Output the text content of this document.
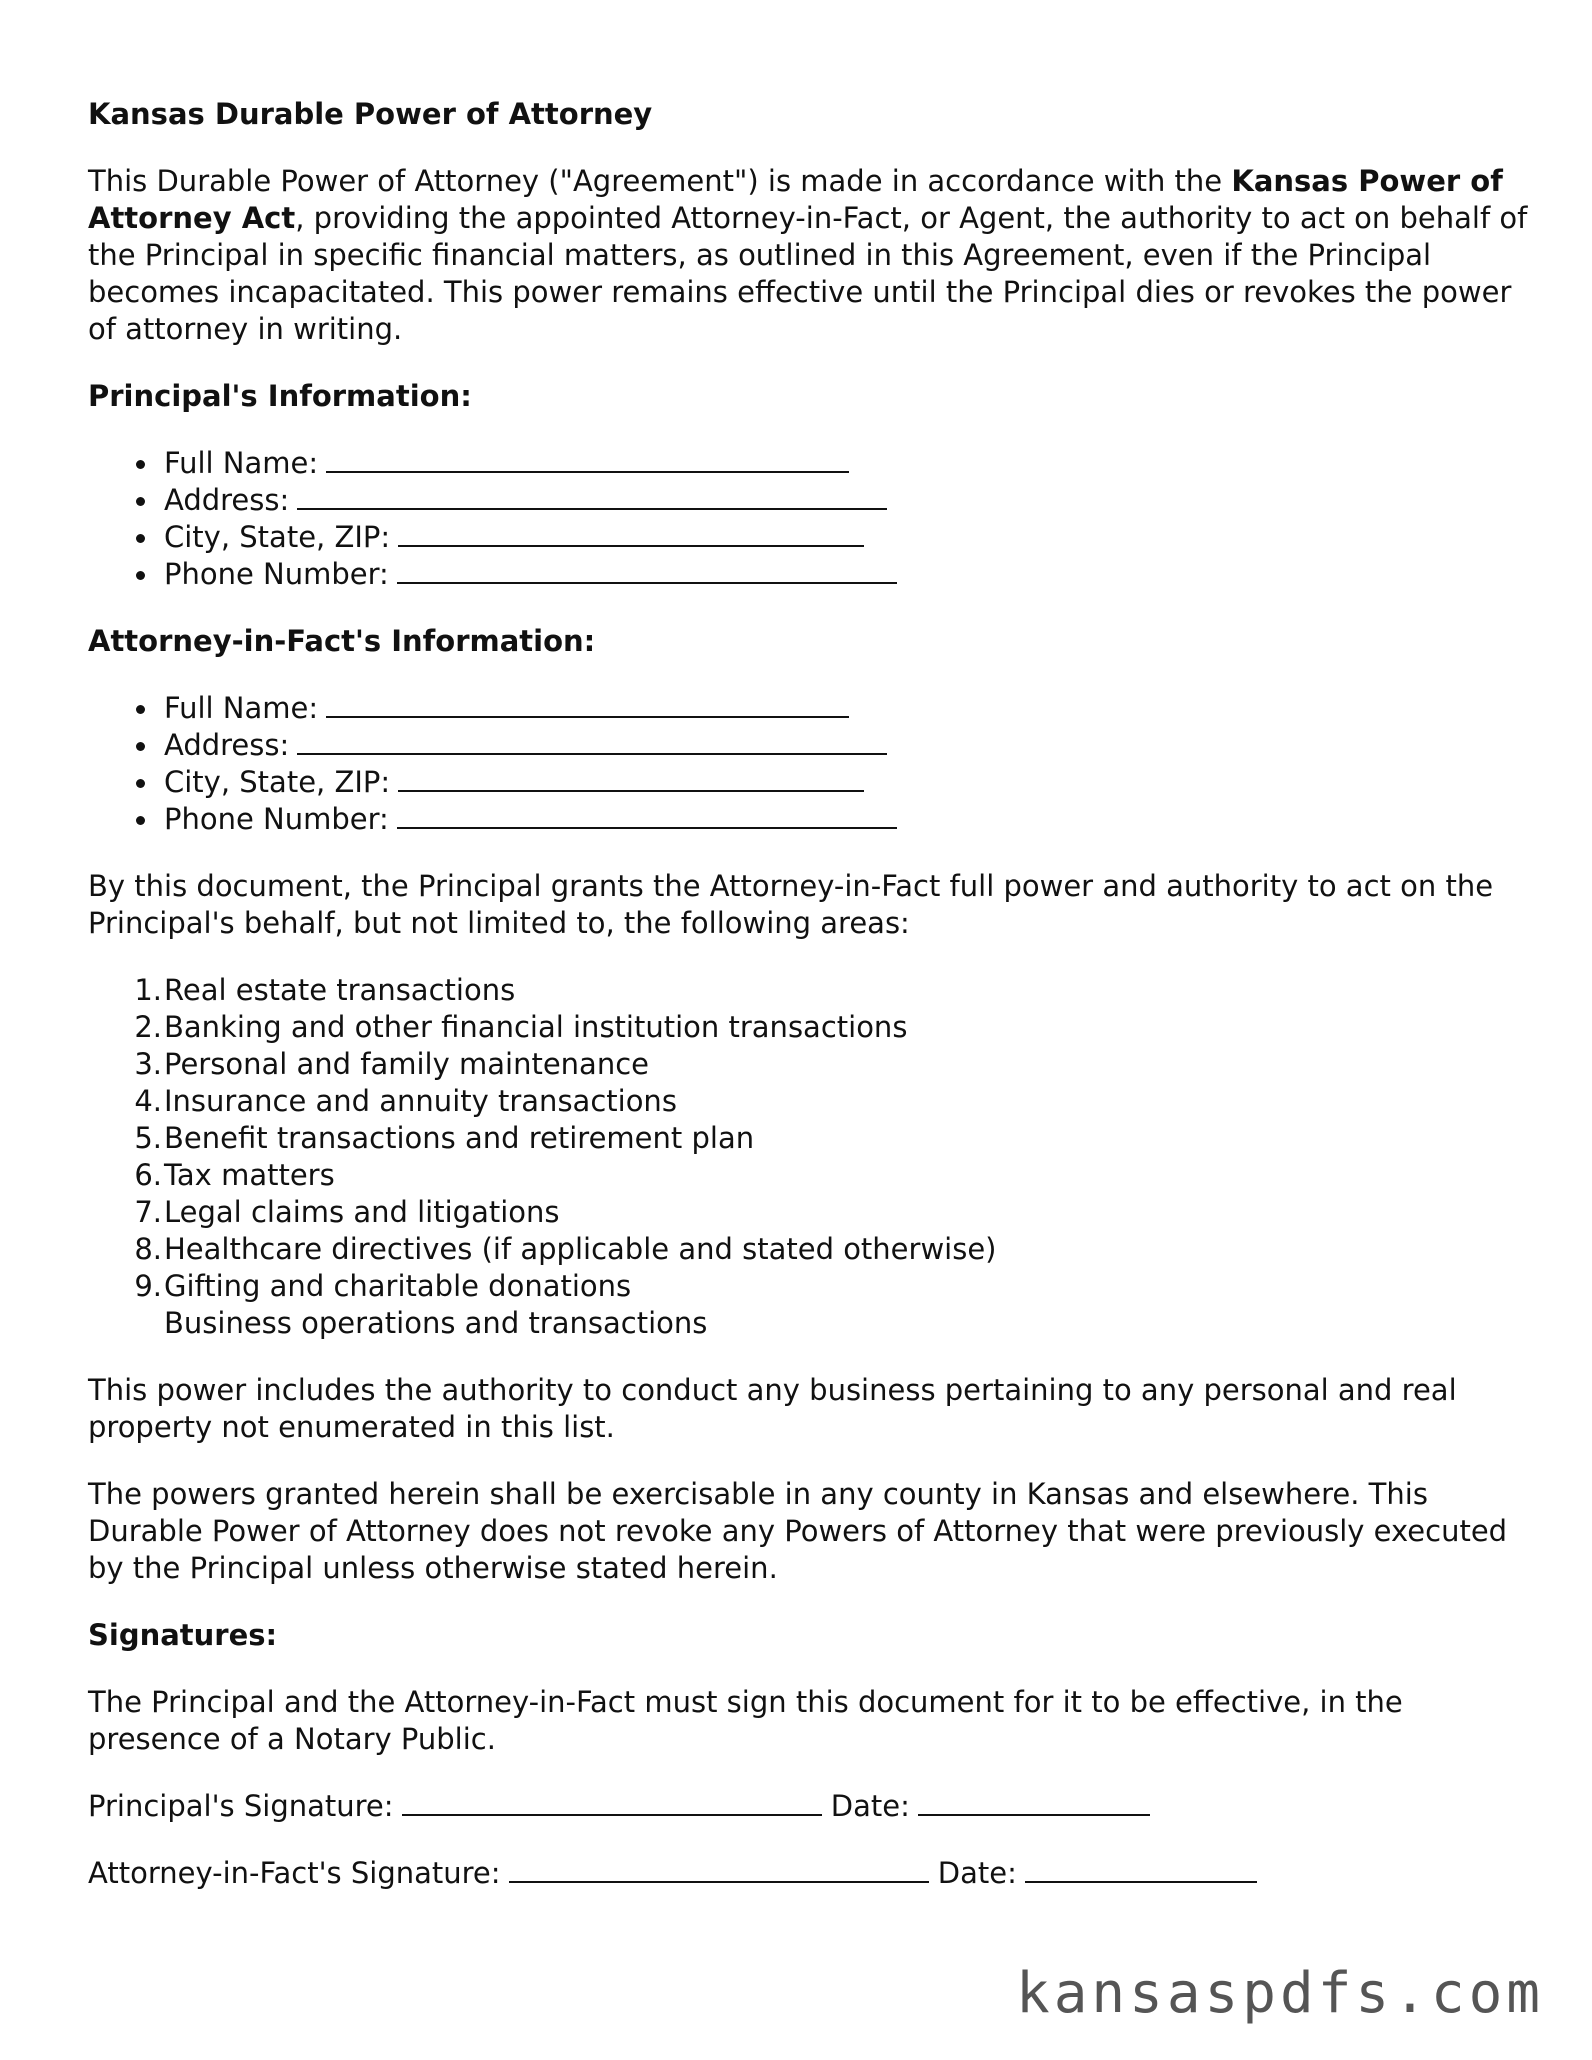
Kansas Durable Power of Attorney

This Durable Power of Attorney ("Agreement") is made in accordance with the Kansas Power of Attorney Act, providing the appointed Attorney-in-Fact, or Agent, the authority to act on behalf of the Principal in specific financial matters, as outlined in this Agreement, even if the Principal becomes incapacitated. This power remains effective until the Principal dies or revokes the power of attorney in writing.

Principal's Information:
Full Name:
Address:
City, State, ZIP:
Phone Number:
Attorney-in-Fact's Information:
Full Name:
Address:
City, State, ZIP:
Phone Number:

By this document, the Principal grants the Attorney-in-Fact full power and authority to act on the Principal's behalf, but not limited to, the following areas:

1. Real estate transactions
2. Banking and other financial institution transactions
3. Personal and family maintenance
4. Insurance and annuity transactions
5. Benefit transactions and retirement plan
6. Tax matters
7. Legal claims and litigations
8. Healthcare directives (if applicable and stated otherwise)
9. Gifting and charitable donations
Business operations and transactions

This power includes the authority to conduct any business pertaining to any personal and real property not enumerated in this list.

The powers granted herein shall be exercisable in any county in Kansas and elsewhere. This Durable Power of Attorney does not revoke any Powers of Attorney that were previously executed by the Principal unless otherwise stated herein.

Signatures:

The Principal and the Attorney-in-Fact must sign this document for it to be effective, in the presence of a Notary Public.

Principal's Signature:	Date:
Attorney-in-Fact's Signature:	Date:
kansaspdfs.com
